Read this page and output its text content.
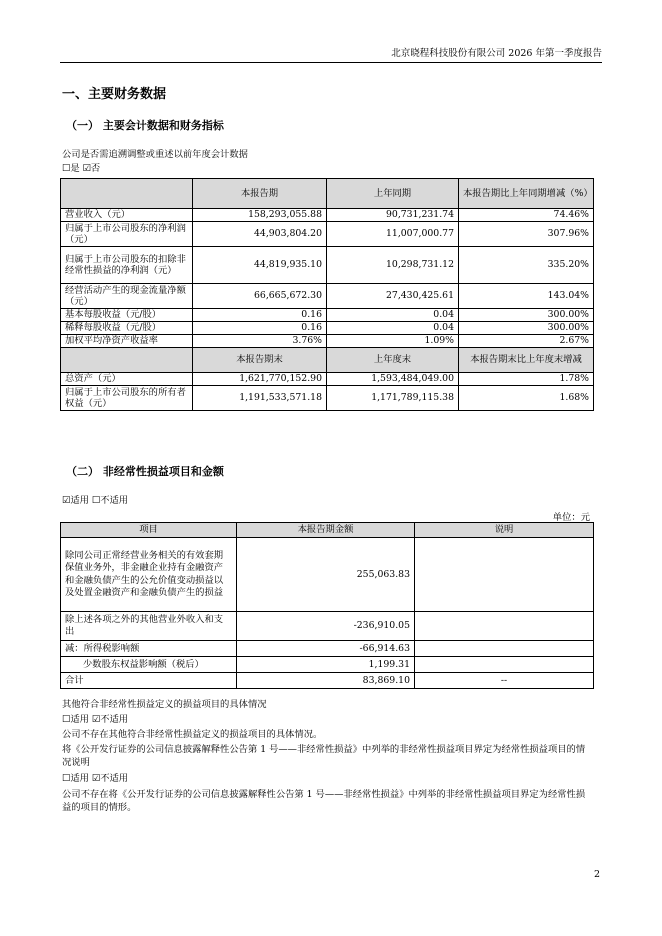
北京晓程科技股份有限公司 2026 年第一季度报告
一、主要财务数据
（一） 主要会计数据和财务指标
公司是否需追溯调整或重述以前年度会计数据
☐是 ☑否
	本报告期	上年同期	本报告期比上年同期增减（%）
营业收入（元）	158,293,055.88	90,731,231.74	74.46%
归属于上市公司股东的净利润（元）	44,903,804.20	11,007,000.77	307.96%
归属于上市公司股东的扣除非经常性损益的净利润（元）	44,819,935.10	10,298,731.12	335.20%
经营活动产生的现金流量净额（元）	66,665,672.30	27,430,425.61	143.04%
基本每股收益（元/股）	0.16	0.04	300.00%
稀释每股收益（元/股）	0.16	0.04	300.00%
加权平均净资产收益率	3.76%	1.09%	2.67%
	本报告期末	上年度末	本报告期末比上年度末增减
总资产（元）	1,621,770,152.90	1,593,484,049.00	1.78%
归属于上市公司股东的所有者权益（元）	1,191,533,571.18	1,171,789,115.38	1.68%
（二） 非经常性损益项目和金额
☑适用 ☐不适用
单位：元
项目	本报告期金额	说明
除同公司正常经营业务相关的有效套期保值业务外，非金融企业持有金融资产和金融负债产生的公允价值变动损益以及处置金融资产和金融负债产生的损益	255,063.83	
除上述各项之外的其他营业外收入和支出	-236,910.05	
减：所得税影响额	-66,914.63	
少数股东权益影响额（税后）	1,199.31	
合计	83,869.10	--
其他符合非经常性损益定义的损益项目的具体情况
☐适用 ☑不适用
公司不存在其他符合非经常性损益定义的损益项目的具体情况。
将《公开发行证券的公司信息披露解释性公告第 1 号——非经常性损益》中列举的非经常性损益项目界定为经常性损益项目的情况说明
☐适用 ☑不适用
公司不存在将《公开发行证券的公司信息披露解释性公告第 1 号——非经常性损益》中列举的非经常性损益项目界定为经常性损益的项目的情形。
2
